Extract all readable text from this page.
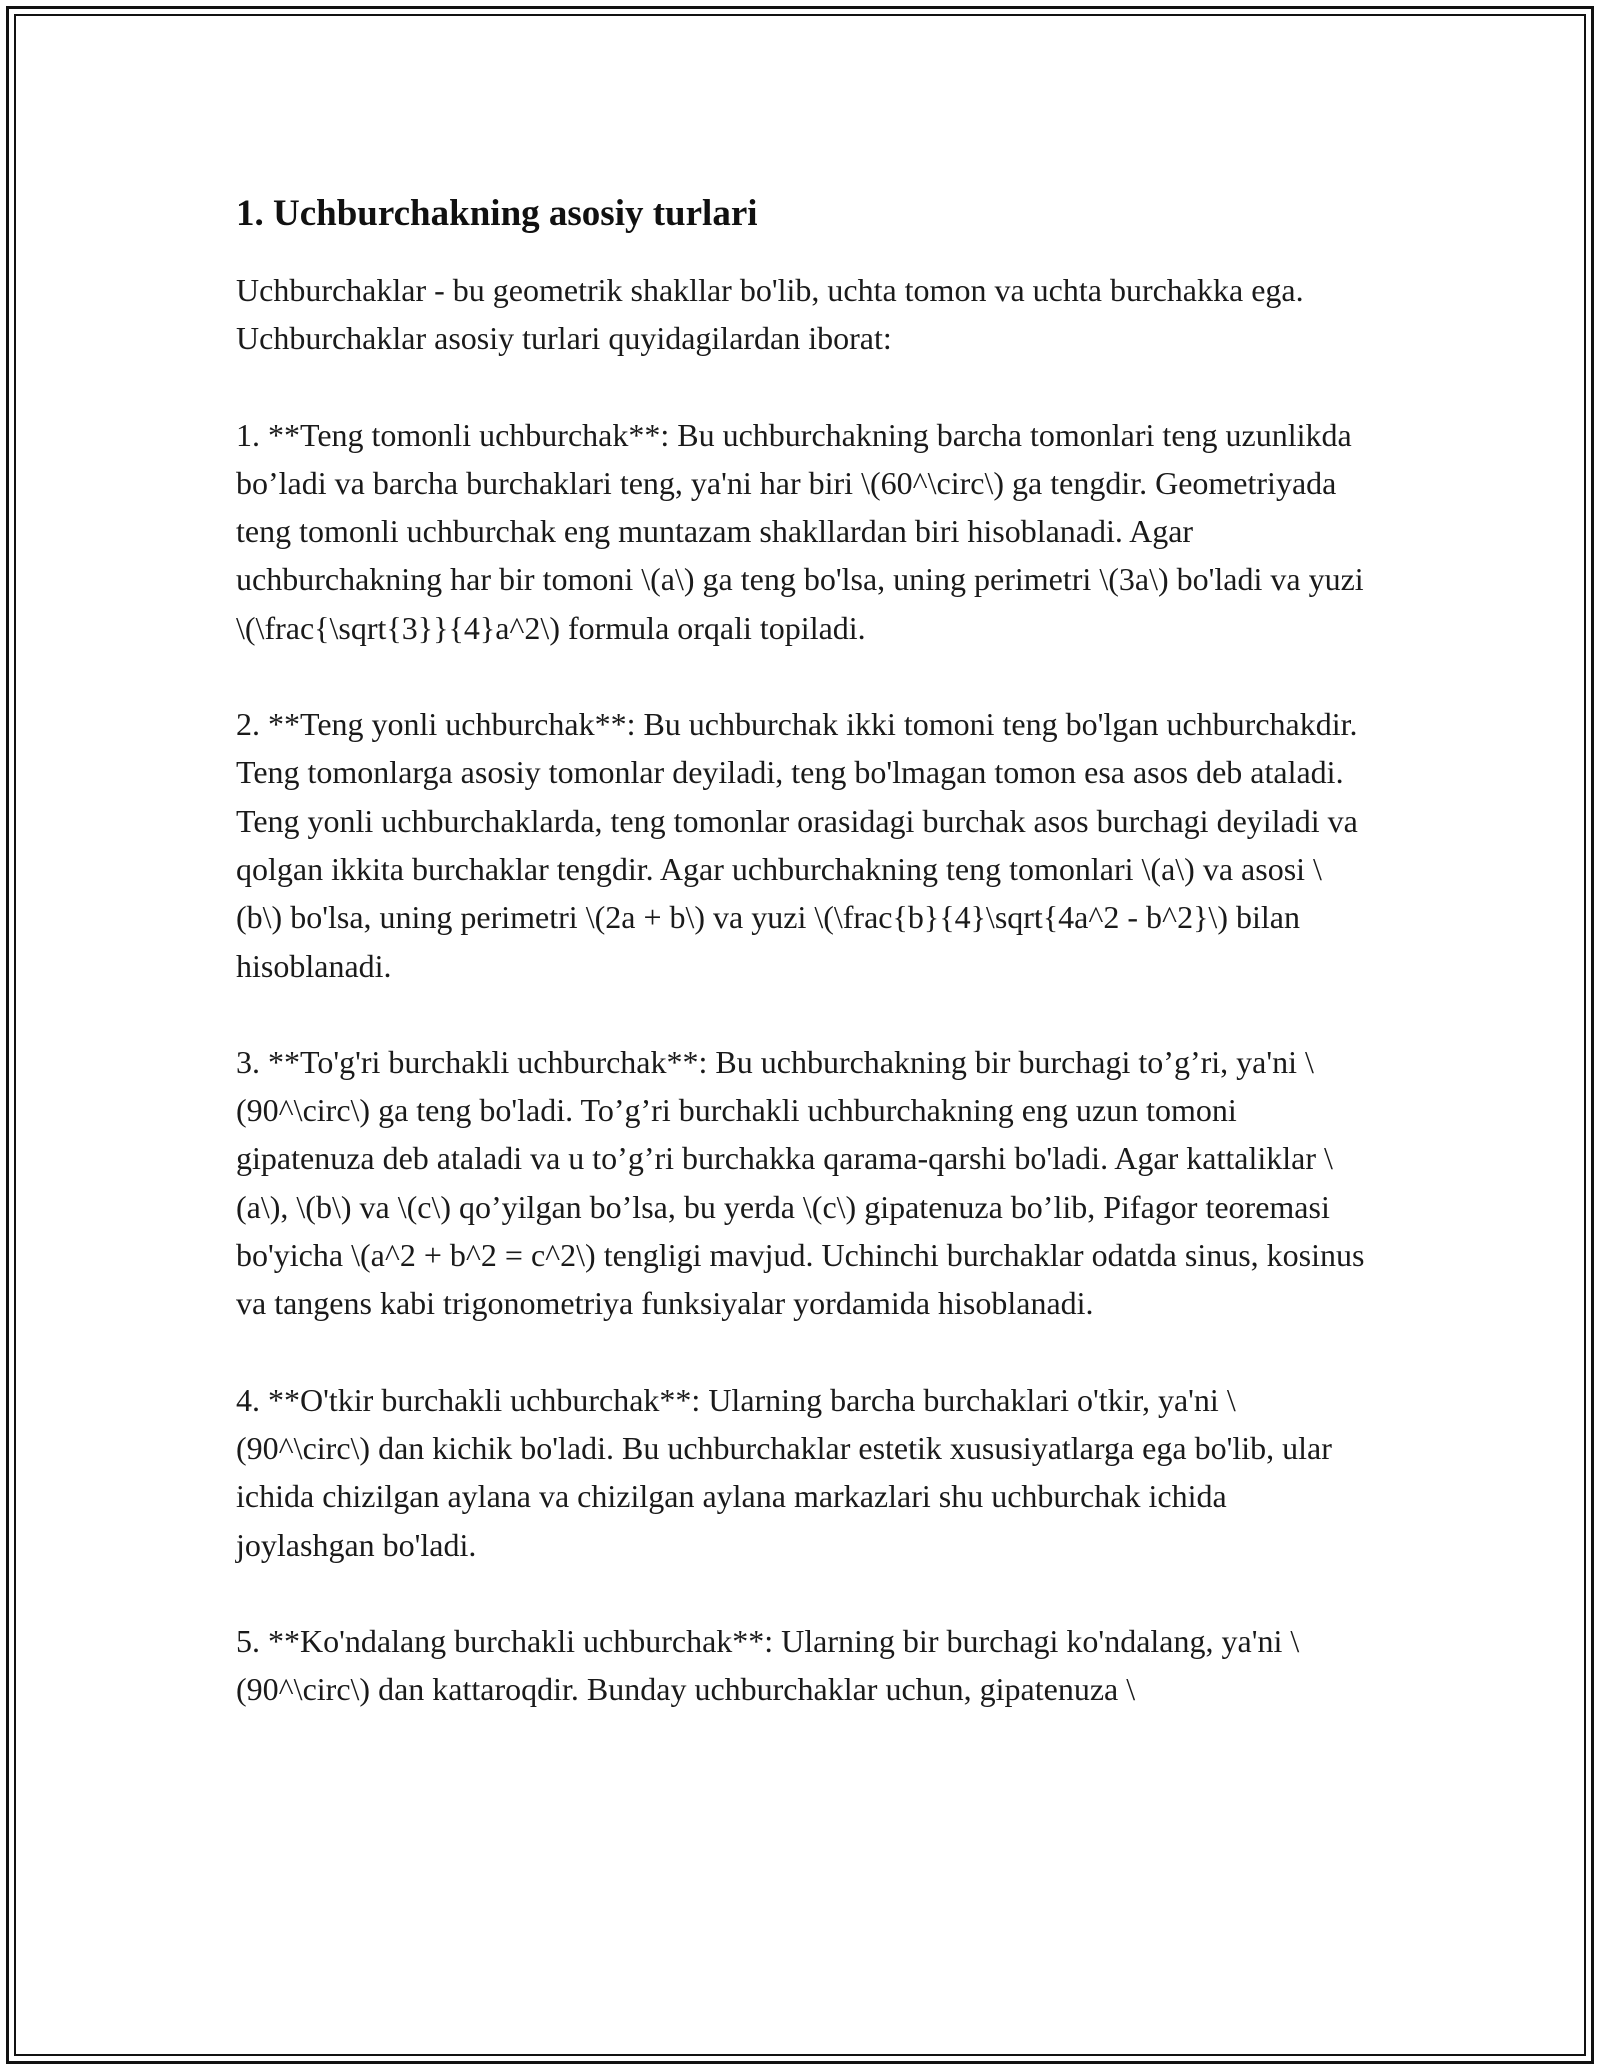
1. Uchburchakning asosiy turlari

Uchburchaklar - bu geometrik shakllar bo'lib, uchta tomon va uchta burchakka ega. Uchburchaklar asosiy turlari quyidagilardan iborat:

1. **Teng tomonli uchburchak**: Bu uchburchakning barcha tomonlari teng uzunlikda bo’ladi va barcha burchaklari teng, ya'ni har biri \(60^\circ\) ga tengdir. Geometriyada teng tomonli uchburchak eng muntazam shakllardan biri hisoblanadi. Agar uchburchakning har bir tomoni \(a\) ga teng bo'lsa, uning perimetri \(3a\) bo'ladi va yuzi \(\frac{\sqrt{3}}{4}a^2\) formula orqali topiladi.

2. **Teng yonli uchburchak**: Bu uchburchak ikki tomoni teng bo'lgan uchburchakdir. Teng tomonlarga asosiy tomonlar deyiladi, teng bo'lmagan tomon esa asos deb ataladi. Teng yonli uchburchaklarda, teng tomonlar orasidagi burchak asos burchagi deyiladi va qolgan ikkita burchaklar tengdir. Agar uchburchakning teng tomonlari \(a\) va asosi \(b\) bo'lsa, uning perimetri \(2a + b\) va yuzi \(\frac{b}{4}\sqrt{4a^2 - b^2}\) bilan hisoblanadi.

3. **To'g'ri burchakli uchburchak**: Bu uchburchakning bir burchagi to’g’ri, ya'ni \(90^\circ\) ga teng bo'ladi. To’g’ri burchakli uchburchakning eng uzun tomoni gipatenuza deb ataladi va u to’g’ri burchakka qarama-qarshi bo'ladi. Agar kattaliklar \(a\), \(b\) va \(c\) qo’yilgan bo’lsa, bu yerda \(c\) gipatenuza bo’lib, Pifagor teoremasi bo'yicha \(a^2 + b^2 = c^2\) tengligi mavjud. Uchinchi burchaklar odatda sinus, kosinus va tangens kabi trigonometriya funksiyalar yordamida hisoblanadi.

4. **O'tkir burchakli uchburchak**: Ularning barcha burchaklari o'tkir, ya'ni \(90^\circ\) dan kichik bo'ladi. Bu uchburchaklar estetik xususiyatlarga ega bo'lib, ular ichida chizilgan aylana va chizilgan aylana markazlari shu uchburchak ichida joylashgan bo'ladi.

5. **Ko'ndalang burchakli uchburchak**: Ularning bir burchagi ko'ndalang, ya'ni \(90^\circ\) dan kattaroqdir. Bunday uchburchaklar uchun, gipatenuza \
